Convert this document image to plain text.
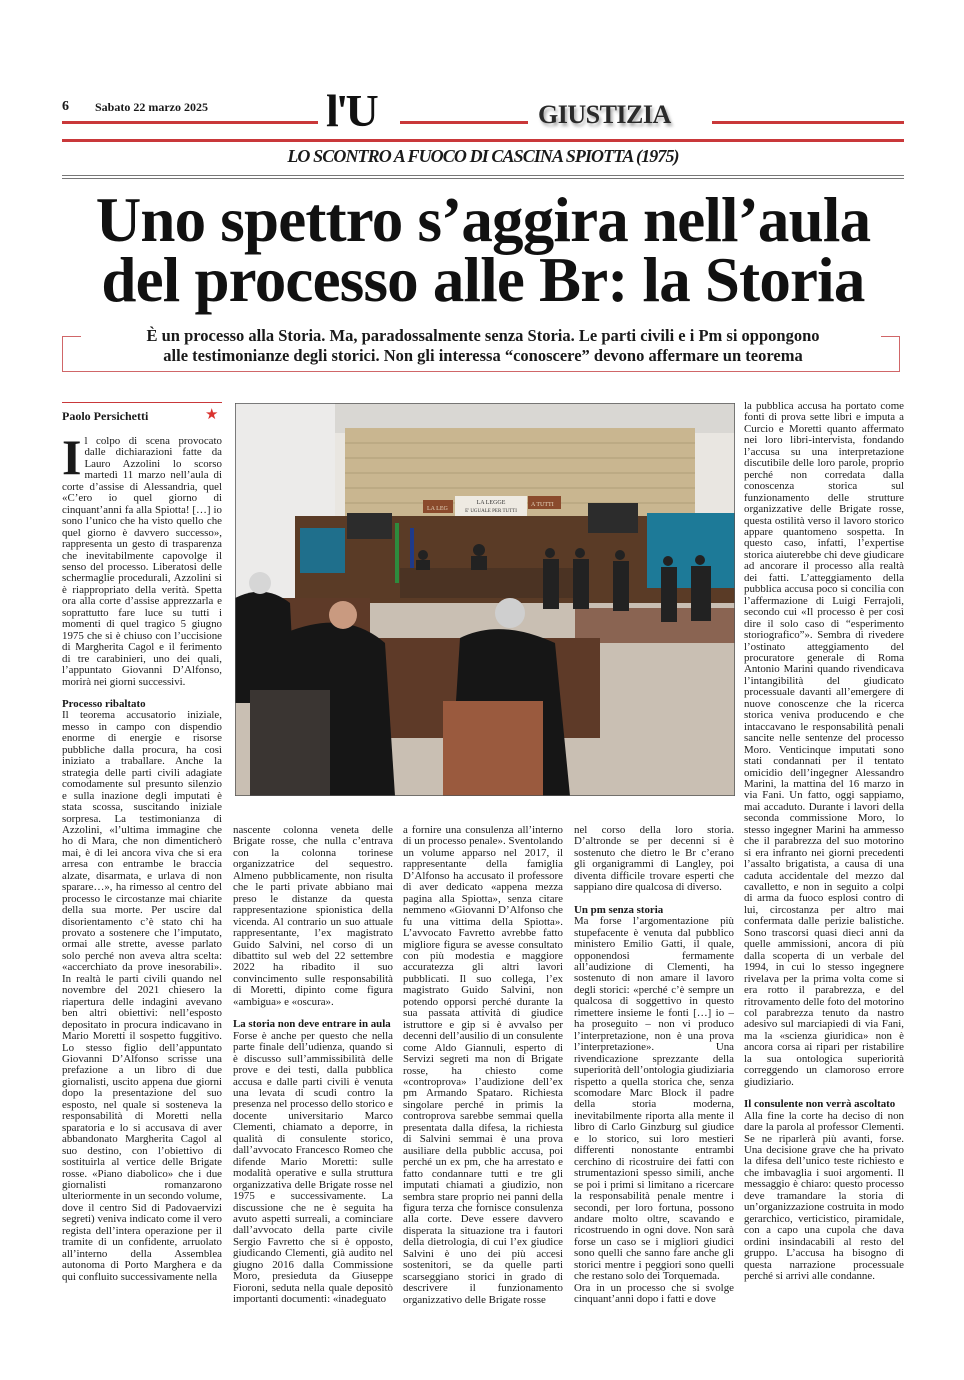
6 Sabato 22 marzo 2025	l'U	GIUSTIZIA
LO SCONTRO A FUOCO DI CASCINA SPIOTTA (1975)
Uno spettro s’aggira nell’aula
del processo alle Br: la Storia
È un processo alla Storia. Ma, paradossalmente senza Storia. Le parti civili e i Pm si oppongono
alle testimonianze degli storici. Non gli interessa “conoscere” devono affermare un teorema
Paolo Persichetti	★
LA LEG
LA LEGGE
E' UGUALE PER TUTTI
A TUTTI
I l colpo di scena provocato dalle dichiarazioni fatte da Lauro Azzolini lo scorso martedì 11 marzo nell’aula di corte d’assise di Alessandria, quel «C’ero io quel giorno di cinquant’anni fa alla Spiotta! […] io sono l’unico che ha visto quello che quel giorno è davvero successo», rappresenta un gesto di trasparenza che inevitabilmente capovolge il senso del processo. Liberatosi delle schermaglie procedurali, Azzolini si è riappropriato della verità. Spetta ora alla corte d’assise apprezzarla e soprattutto fare luce su tutti i momenti di quel tragico 5 giugno 1975 che si è chiuso con l’uccisione di Margherita Cagol e il ferimento di tre carabinieri, uno dei quali, l’appuntato Giovanni D’Alfonso, morirà nei giorni successivi.

Processo ribaltato

Il teorema accusatorio iniziale, messo in campo con dispendio enorme di energie e risorse pubbliche dalla procura, ha così iniziato a traballare. Anche la strategia delle parti civili adagiate comodamente sul presunto silenzio e sulla inazione degli imputati è stata scossa, suscitando iniziale sorpresa. La testimonianza di Azzolini, «l’ultima immagine che ho di Mara, che non dimenticherò mai, è di lei ancora viva che si era arresa con entrambe le braccia alzate, disarmata, e urlava di non sparare…», ha rimesso al centro del processo le circostanze mai chiarite della sua morte. Per uscire dal disorientamento c’è stato chi ha provato a sostenere che l’imputato, ormai alle strette, avesse parlato solo perché non aveva altra scelta: «accerchiato da prove inesorabili». In realtà le parti civili quando nel novembre del 2021 chiesero la riapertura delle indagini avevano ben altri obiettivi: nell’esposto depositato in procura indicavano in Mario Moretti il sospetto fuggitivo. Lo stesso figlio dell’appuntato Giovanni D’Alfonso scrisse una prefazione a un libro di due giornalisti, uscito appena due giorni dopo la presentazione del suo esposto, nel quale si sosteneva la responsabilità di Moretti nella sparatoria e lo si accusava di aver abbandonato Margherita Cagol al suo destino, con l’obiettivo di sostituirla al vertice delle Brigate rosse. «Piano diabolico» che i due giornalisti romanzarono ulteriormente in un secondo volume, dove il centro Sid di Padovaervizi segreti) veniva indicato come il vero regista dell’intera operazione per il tramite di un confidente, arruolato all’interno della Assemblea autonoma di Porto Marghera e da qui confluito successivamente nella

nascente colonna veneta delle Brigate rosse, che nulla c’entrava con la colonna torinese organizzatrice del sequestro. Almeno pubblicamente, non risulta che le parti private abbiano mai preso le distanze da questa rappresentazione spionistica della vicenda. Al contrario un suo attuale rappresentante, l’ex magistrato Guido Salvini, nel corso di un dibattito sul web del 22 settembre 2022 ha ribadito il suo convincimento sulle responsabilità di Moretti, dipinto come figura «ambigua» e «oscura».

La storia non deve entrare in aula

Forse è anche per questo che nella parte finale dell’udienza, quando si è discusso sull’ammissibilità delle prove e dei testi, dalla pubblica accusa e dalle parti civili è venuta una levata di scudi contro la presenza nel processo dello storico e docente universitario Marco Clementi, chiamato a deporre, in qualità di consulente storico, dall’avvocato Francesco Romeo che difende Mario Moretti: sulle modalità operative e sulla struttura organizzativa delle Brigate rosse nel 1975 e successivamente. La discussione che ne è seguita ha avuto aspetti surreali, a cominciare dall’avvocato della parte civile Sergio Favretto che si è opposto, giudicando Clementi, già audito nel giugno 2016 dalla Commissione Moro, presieduta da Giuseppe Fioroni, seduta nella quale depositò importanti documenti: «inadeguato

a fornire una consulenza all’interno di un processo penale». Sventolando un volume apparso nel 2017, il rappresentante della famiglia D’Alfonso ha accusato il professore di aver dedicato «appena mezza pagina alla Spiotta», senza citare nemmeno «Giovanni D’Alfonso che fu una vittima della Spiotta». L’avvocato Favretto avrebbe fatto migliore figura se avesse consultato con più modestia e maggiore accuratezza gli altri lavori pubblicati. Il suo collega, l’ex magistrato Guido Salvini, non potendo opporsi perché durante la sua passata attività di giudice istruttore e gip si è avvalso per decenni dell’ausilio di un consulente come Aldo Giannuli, esperto di Servizi segreti ma non di Brigate rosse, ha chiesto come «controprova» l’audizione dell’ex pm Armando Spataro. Richiesta singolare perché in primis la controprova sarebbe semmai quella presentata dalla difesa, la richiesta di Salvini semmai è una prova ausiliare della pubblic accusa, poi perché un ex pm, che ha arrestato e fatto condannare tutti e tre gli imputati chiamati a giudizio, non sembra stare proprio nei panni della figura terza che fornisce consulenza alla corte. Deve essere davvero disperata la situazione tra i fautori della dietrologia, di cui l’ex giudice Salvini è uno dei più accesi sostenitori, se da quelle parti scarseggiano storici in grado di descrivere il funzionamento organizzativo delle Brigate rosse

nel corso della loro storia. D’altronde se per decenni si è sostenuto che dietro le Br c’erano gli organigrammi di Langley, poi diventa difficile trovare esperti che sappiano dire qualcosa di diverso.

Un pm senza storia

Ma forse l’argomentazione più stupefacente è venuta dal pubblico ministero Emilio Gatti, il quale, opponendosi fermamente all’audizione di Clementi, ha sostenuto di non amare il lavoro degli storici: «perché c’è sempre un qualcosa di soggettivo in questo rimettere insieme le fonti […] io – ha proseguito – non vi produco l’interpretazione, non è una prova l’interpretazione». Una rivendicazione sprezzante della superiorità dell’ontologia giudiziaria rispetto a quella storica che, senza scomodare Marc Block il padre della storia moderna, inevitabilmente riporta alla mente il libro di Carlo Ginzburg sul giudice e lo storico, sui loro mestieri differenti nonostante entrambi cerchino di ricostruire dei fatti con strumentazioni spesso simili, anche se poi i primi si limitano a ricercare la responsabilità penale mentre i secondi, per loro fortuna, possono andare molto oltre, scavando e ricostruendo in ogni dove. Non sarà forse un caso se i migliori giudici sono quelli che sanno fare anche gli storici mentre i peggiori sono quelli che restano solo dei Torquemada.

Ora in un processo che si svolge cinquant’anni dopo i fatti e dove

la pubblica accusa ha portato come fonti di prova sette libri e imputa a Curcio e Moretti quanto affermato nei loro libri-intervista, fondando l’accusa su una interpretazione discutibile delle loro parole, proprio perché non corredata dalla conoscenza storica sul funzionamento delle strutture organizzative delle Brigate rosse, questa ostilità verso il lavoro storico appare quantomeno sospetta. In questo caso, infatti, l’expertise storica aiuterebbe chi deve giudicare ad ancorare il processo alla realtà dei fatti. L’atteggiamento della pubblica accusa poco si concilia con l’affermazione di Luigi Ferrajoli, secondo cui «Il processo è per così dire il solo caso di “esperimento storiografico”». Sembra di rivedere l’ostinato atteggiamento del procuratore generale di Roma Antonio Marini quando rivendicava l’intangibilità del giudicato processuale davanti all’emergere di nuove conoscenze che la ricerca storica veniva producendo e che intaccavano le responsabilità penali sancite nelle sentenze del processo Moro. Venticinque imputati sono stati condannati per il tentato omicidio dell’ingegner Alessandro Marini, la mattina del 16 marzo in via Fani. Un fatto, oggi sappiamo, mai accaduto. Durante i lavori della seconda commissione Moro, lo stesso ingegner Marini ha ammesso che il parabrezza del suo motorino si era infranto nei giorni precedenti l’assalto brigatista, a causa di una caduta accidentale del mezzo dal cavalletto, e non in seguito a colpi di arma da fuoco esplosi contro di lui, circostanza per altro mai confermata dalle perizie balistiche. Sono trascorsi quasi dieci anni da quelle ammissioni, ancora di più dalla scoperta di un verbale del 1994, in cui lo stesso ingegnere rivelava per la prima volta come si era rotto il parabrezza, e del ritrovamento delle foto del motorino col parabrezza tenuto da nastro adesivo sul marciapiedi di via Fani, ma la «scienza giuridica» non è ancora corsa ai ripari per ristabilire la sua ontologica superiorità correggendo un clamoroso errore giudiziario.

Il consulente non verrà ascoltato

Alla fine la corte ha deciso di non dare la parola al professor Clementi. Se ne riparlerà più avanti, forse. Una decisione grave che ha privato la difesa dell’unico teste richiesto e che imbavaglia i suoi argomenti. Il messaggio è chiaro: questo processo deve tramandare la storia di un’organizzazione costruita in modo gerarchico, verticistico, piramidale, con a capo una cupola che dava ordini insindacabili al resto del gruppo. L’accusa ha bisogno di questa narrazione processuale perché si arrivi alle condanne.
